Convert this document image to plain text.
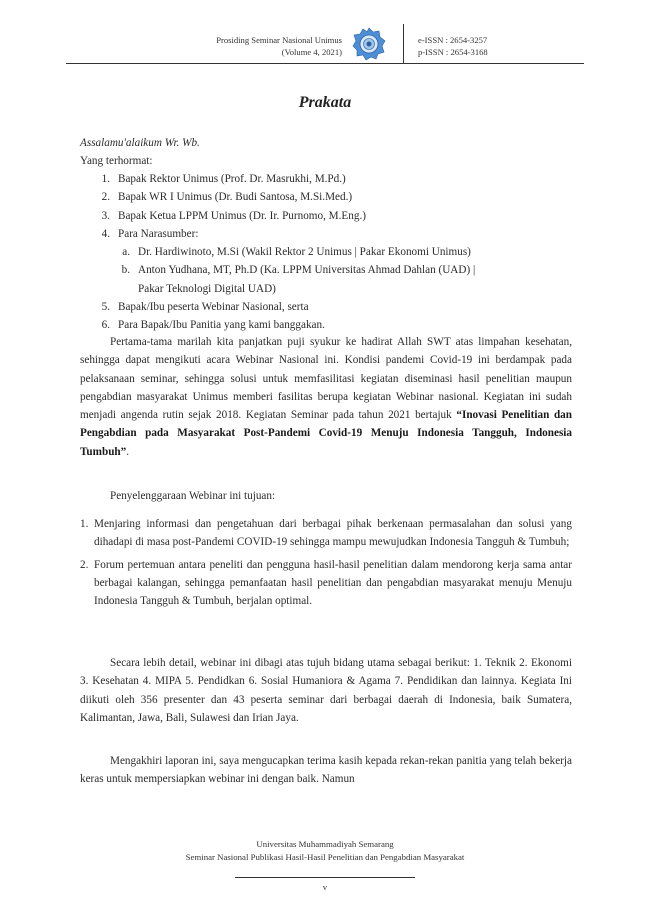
Prosiding Seminar Nasional Unimus
(Volume 4, 2021)
e-ISSN : 2654-3257
p-ISSN : 2654-3168
Prakata
Assalamu'alaikum Wr. Wb.
Yang terhormat:
1. Bapak Rektor Unimus (Prof. Dr. Masrukhi, M.Pd.)
2. Bapak WR I Unimus (Dr. Budi Santosa, M.Si.Med.)
3. Bapak Ketua LPPM Unimus (Dr. Ir. Purnomo, M.Eng.)
4. Para Narasumber:
a. Dr. Hardiwinoto, M.Si (Wakil Rektor 2 Unimus | Pakar Ekonomi Unimus)
b. Anton Yudhana, MT, Ph.D (Ka. LPPM Universitas Ahmad Dahlan (UAD) |
Pakar Teknologi Digital UAD)
5. Bapak/Ibu peserta Webinar Nasional, serta
6. Para Bapak/Ibu Panitia yang kami banggakan.
Pertama-tama marilah kita panjatkan puji syukur ke hadirat Allah SWT atas limpahan kesehatan, sehingga dapat mengikuti acara Webinar Nasional ini. Kondisi pandemi Covid-19 ini berdampak pada pelaksanaan seminar, sehingga solusi untuk memfasilitasi kegiatan diseminasi hasil penelitian maupun pengabdian masyarakat Unimus memberi fasilitas berupa kegiatan Webinar nasional. Kegiatan ini sudah menjadi angenda rutin sejak 2018. Kegiatan Seminar pada tahun 2021 bertajuk “Inovasi Penelitian dan Pengabdian pada Masyarakat Post-Pandemi Covid-19 Menuju Indonesia Tangguh, Indonesia Tumbuh”.
Penyelenggaraan Webinar ini tujuan:
1. Menjaring informasi dan pengetahuan dari berbagai pihak berkenaan permasalahan dan solusi yang dihadapi di masa post-Pandemi COVID-19 sehingga mampu mewujudkan Indonesia Tangguh & Tumbuh;
2. Forum pertemuan antara peneliti dan pengguna hasil-hasil penelitian dalam mendorong kerja sama antar berbagai kalangan, sehingga pemanfaatan hasil penelitian dan pengabdian masyarakat menuju Menuju Indonesia Tangguh & Tumbuh, berjalan optimal.
Secara lebih detail, webinar ini dibagi atas tujuh bidang utama sebagai berikut: 1. Teknik 2. Ekonomi 3. Kesehatan 4. MIPA 5. Pendidkan 6. Sosial Humaniora & Agama 7. Pendidikan dan lainnya. Kegiata Ini diikuti oleh 356 presenter dan 43 peserta seminar dari berbagai daerah di Indonesia, baik Sumatera, Kalimantan, Jawa, Bali, Sulawesi dan Irian Jaya.
Mengakhiri laporan ini, saya mengucapkan terima kasih kepada rekan-rekan panitia yang telah bekerja keras untuk mempersiapkan webinar ini dengan baik. Namun
Universitas Muhammadiyah Semarang
Seminar Nasional Publikasi Hasil-Hasil Penelitian dan Pengabdian Masyarakat
v
